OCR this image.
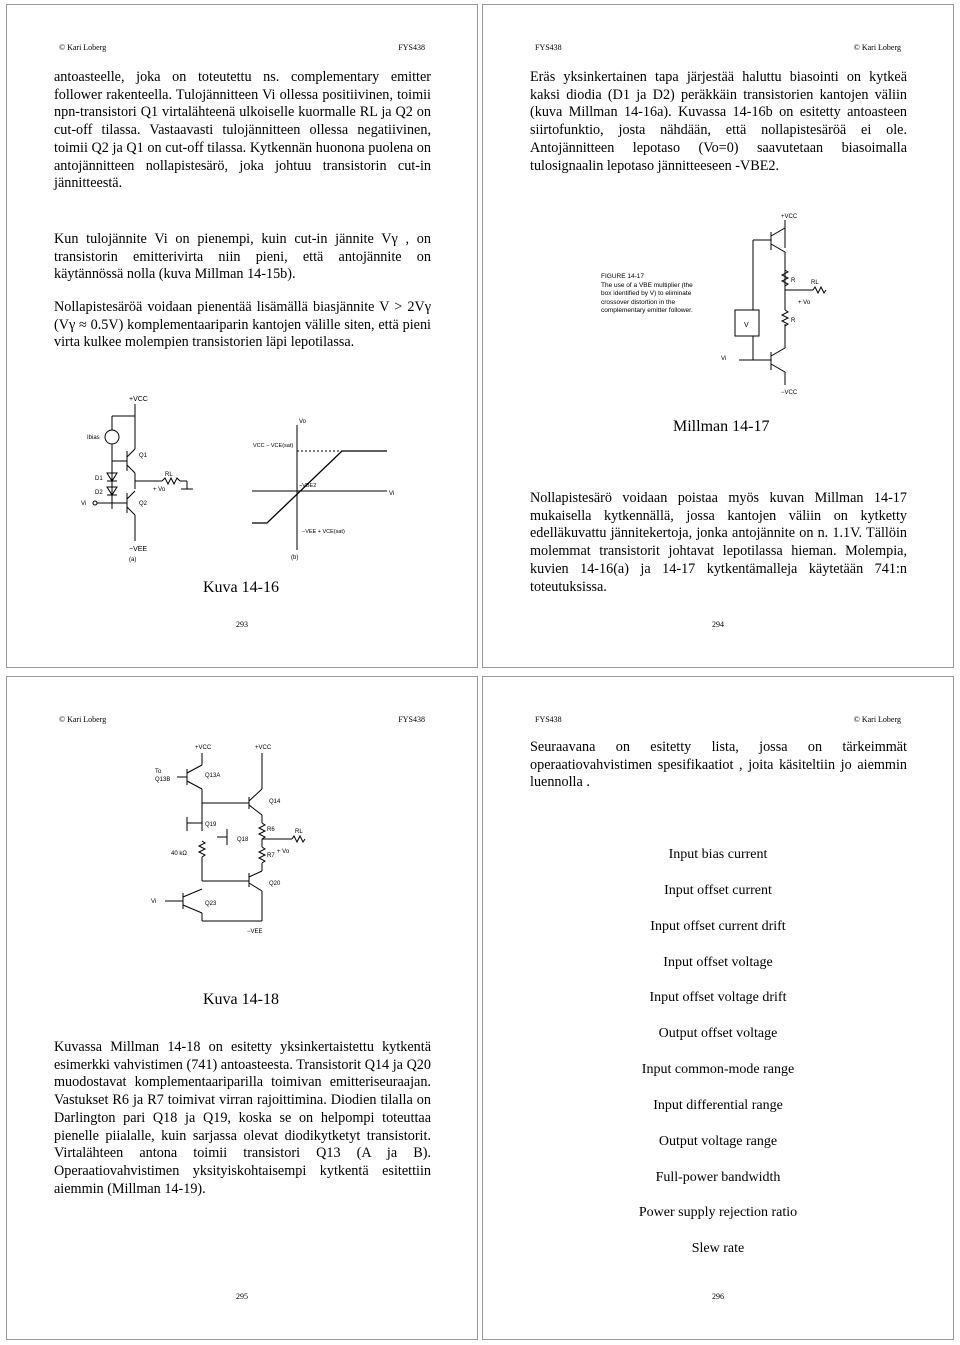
© Kari Loberg	FYS438
antoasteelle, joka on toteutettu ns. complementary emitter follower rakenteella. Tulojännitteen Vi ollessa positiivinen, toimii npn-transistori Q1 virtalähteenä ulkoiselle kuormalle RL ja Q2 on cut-off tilassa. Vastaavasti tulojännitteen ollessa negatiivinen, toimii Q2 ja Q1 on cut-off tilassa. Kytkennän huonona puolena on antojännitteen nollapistesärö, joka johtuu transistorin cut-in jännitteestä.
Kun tulojännite Vi on pienempi, kuin cut-in jännite Vγ , on transistorin emitterivirta niin pieni, että antojännite on käytännössä nolla (kuva Millman 14-15b).
Nollapistesäröä voidaan pienentää lisämällä biasjännite V > 2Vγ (Vγ ≈ 0.5V) komplementaariparin kantojen välille siten, että pieni virta kulkee molempien transistorien läpi lepotilassa.
+VCC
Ibias
Q1
D1
D2
RL
+ Vo
Q2
Vi
−VEE
(a)
Vo
Vi
VCC − VCE(sat)
−VBE2
−VEE + VCE(sat)
(b)
Kuva 14-16
293
FYS438	© Kari Loberg
Eräs yksinkertainen tapa järjestää haluttu biasointi on kytkeä kaksi diodia (D1 ja D2) peräkkäin transistorien kantojen väliin (kuva Millman 14-16a). Kuvassa 14-16b on esitetty antoasteen siirtofunktio, josta nähdään, että nollapistesäröä ei ole. Antojännitteen lepotaso (Vo=0) saavutetaan biasoimalla tulosignaalin lepotaso jännitteeseen -VBE2.
FIGURE 14-17
The use of a VBE multiplier (the box identified by V) to eliminate crossover distortion in the complementary emitter follower.
+VCC
R	RL
+ Vo
R
V
−VCC
Vi
Millman 14-17
Nollapistesärö voidaan poistaa myös kuvan Millman 14-17 mukaisella kytkennällä, jossa kantojen väliin on kytketty edelläkuvattu jännitekertoja, jonka antojännite on n. 1.1V. Tällöin molemmat transistorit johtavat lepotilassa hieman. Molempia, kuvien 14-16(a) ja 14-17 kytkentämalleja käytetään 741:n toteutuksissa.
294
© Kari Loberg	FYS438
+VCC	+VCC
To
Q13B
Q13A
Q14
R6	RL
+ Vo
R7
Q19
Q18
40 kΩ
Q20
Vi	Q23
−VEE
Kuva 14-18
Kuvassa Millman 14-18 on esitetty yksinkertaistettu kytkentä esimerkki vahvistimen (741) antoasteesta. Transistorit Q14 ja Q20 muodostavat komplementaariparilla toimivan emitteriseuraajan. Vastukset R6 ja R7 toimivat virran rajoittimina. Diodien tilalla on Darlington pari Q18 ja Q19, koska se on helpompi toteuttaa pienelle piialalle, kuin sarjassa olevat diodikytketyt transistorit. Virtalähteen antona toimii transistori Q13 (A ja B). Operaatiovahvistimen yksityiskohtaisempi kytkentä esitettiin aiemmin (Millman 14-19).
295
FYS438	© Kari Loberg
Seuraavana on esitetty lista, jossa on tärkeimmät operaatiovahvistimen spesifikaatiot , joita käsiteltiin jo aiemmin luennolla .
Input bias current
Input offset current
Input offset current drift
Input offset voltage
Input offset voltage drift
Output offset voltage
Input common-mode range
Input differential range
Output voltage range
Full-power bandwidth
Power supply rejection ratio
Slew rate
296
